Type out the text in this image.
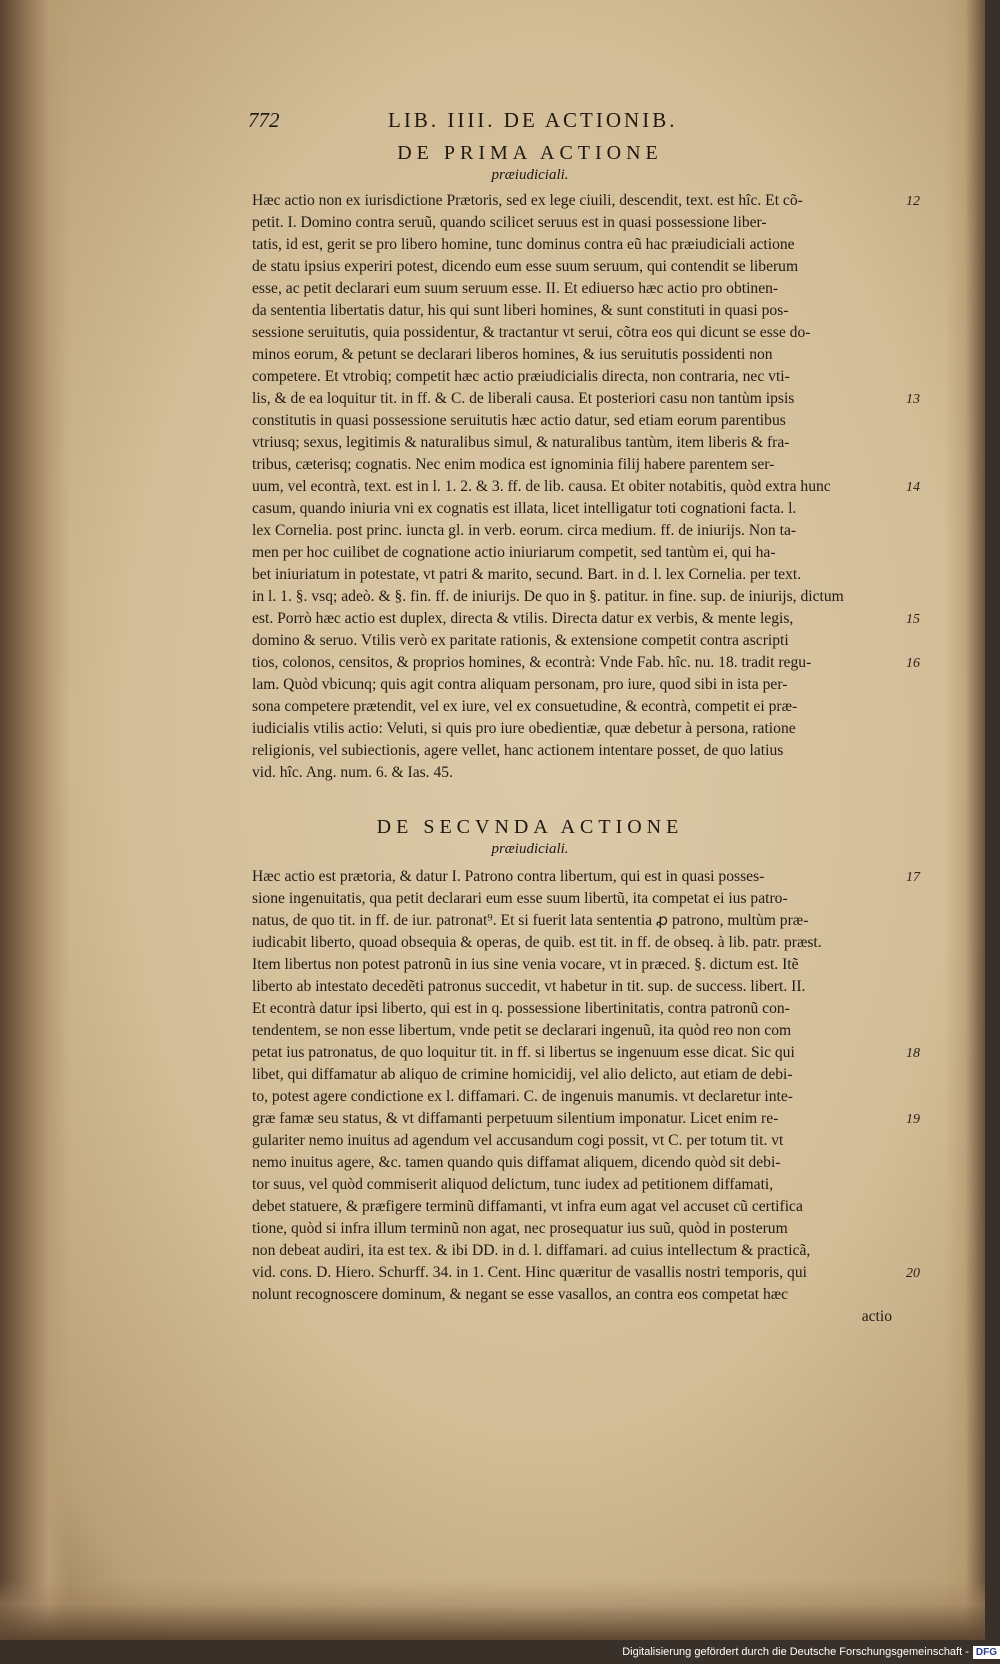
772	LIB. IIII. DE ACTIONIB.
DE PRIMA ACTIONE
præiudiciali.
Hæc actio non ex iurisdictione Prætoris, sed ex lege ciuili, descendit, text. est hîc. Et cõ-
petit. I. Domino contra seruũ, quando scilicet seruus est in quasi possessione liber-
tatis, id est, gerit se pro libero homine, tunc dominus contra eũ hac præiudiciali actione
de statu ipsius experiri potest, dicendo eum esse suum seruum, qui contendit se liberum
esse, ac petit declarari eum suum seruum esse. II. Et ediuerso hæc actio pro obtinen-
da sententia libertatis datur, his qui sunt liberi homines, & sunt constituti in quasi pos-
sessione seruitutis, quia possidentur, & tractantur vt serui, cõtra eos qui dicunt se esse do-
minos eorum, & petunt se declarari liberos homines, & ius seruitutis possidenti non
competere. Et vtrobiq; competit hæc actio præiudicialis directa, non contraria, nec vti-
lis, & de ea loquitur tit. in ff. & C. de liberali causa. Et posteriori casu non tantùm ipsis
constitutis in quasi possessione seruitutis hæc actio datur, sed etiam eorum parentibus
vtriusq; sexus, legitimis & naturalibus simul, & naturalibus tantùm, item liberis & fra-
tribus, cæterisq; cognatis. Nec enim modica est ignominia filij habere parentem ser-
uum, vel econtrà, text. est in l. 1. 2. & 3. ff. de lib. causa. Et obiter notabitis, quòd extra hunc
casum, quando iniuria vni ex cognatis est illata, licet intelligatur toti cognationi facta. l.
lex Cornelia. post princ. iuncta gl. in verb. eorum. circa medium. ff. de iniurijs. Non ta-
men per hoc cuilibet de cognatione actio iniuriarum competit, sed tantùm ei, qui ha-
bet iniuriatum in potestate, vt patri & marito, secund. Bart. in d. l. lex Cornelia. per text.
in l. 1. §. vsq; adeò. & §. fin. ff. de iniurijs. De quo in §. patitur. in fine. sup. de iniurijs, dictum
est. Porrò hæc actio est duplex, directa & vtilis. Directa datur ex verbis, & mente legis,
domino & seruo. Vtilis verò ex paritate rationis, & extensione competit contra ascripti
tios, colonos, censitos, & proprios homines, & econtrà: Vnde Fab. hîc. nu. 18. tradit regu-
lam. Quòd vbicunq; quis agit contra aliquam personam, pro iure, quod sibi in ista per-
sona competere prætendit, vel ex iure, vel ex consuetudine, & econtrà, competit ei præ-
iudicialis vtilis actio: Veluti, si quis pro iure obedientiæ, quæ debetur à persona, ratione
religionis, vel subiectionis, agere vellet, hanc actionem intentare posset, de quo latius
vid. hîc. Ang. num. 6. & Ias. 45.
DE SECVNDA ACTIONE
præiudiciali.
Hæc actio est prætoria, & datur I. Patrono contra libertum, qui est in quasi posses-
sione ingenuitatis, qua petit declarari eum esse suum libertũ, ita competat ei ius patro-
natus, de quo tit. in ff. de iur. patronat⁹. Et si fuerit lata sententia ꝓ patrono, multùm præ-
iudicabit liberto, quoad obsequia & operas, de quib. est tit. in ff. de obseq. à lib. patr. præst.
Item libertus non potest patronũ in ius sine venia vocare, vt in præced. §. dictum est. Itẽ
liberto ab intestato decedẽti patronus succedit, vt habetur in tit. sup. de success. libert. II.
Et econtrà datur ipsi liberto, qui est in q. possessione libertinitatis, contra patronũ con-
tendentem, se non esse libertum, vnde petit se declarari ingenuũ, ita quòd reo non com
petat ius patronatus, de quo loquitur tit. in ff. si libertus se ingenuum esse dicat. Sic qui
libet, qui diffamatur ab aliquo de crimine homicidij, vel alio delicto, aut etiam de debi-
to, potest agere condictione ex l. diffamari. C. de ingenuis manumis. vt declaretur inte-
græ famæ seu status, & vt diffamanti perpetuum silentium imponatur. Licet enim re-
gulariter nemo inuitus ad agendum vel accusandum cogi possit, vt C. per totum tit. vt
nemo inuitus agere, &c. tamen quando quis diffamat aliquem, dicendo quòd sit debi-
tor suus, vel quòd commiserit aliquod delictum, tunc iudex ad petitionem diffamati,
debet statuere, & præfigere terminũ diffamanti, vt infra eum agat vel accuset cũ certifica
tione, quòd si infra illum terminũ non agat, nec prosequatur ius suũ, quòd in posterum
non debeat audiri, ita est tex. & ibi DD. in d. l. diffamari. ad cuius intellectum & practicã,
vid. cons. D. Hiero. Schurff. 34. in 1. Cent. Hinc quæritur de vasallis nostri temporis, qui
nolunt recognoscere dominum, & negant se esse vasallos, an contra eos competat hæc
actio
12
13
14
15
16
17
18
19
20
Digitalisierung gefördert durch die Deutsche Forschungsgemeinschaft - DFG
